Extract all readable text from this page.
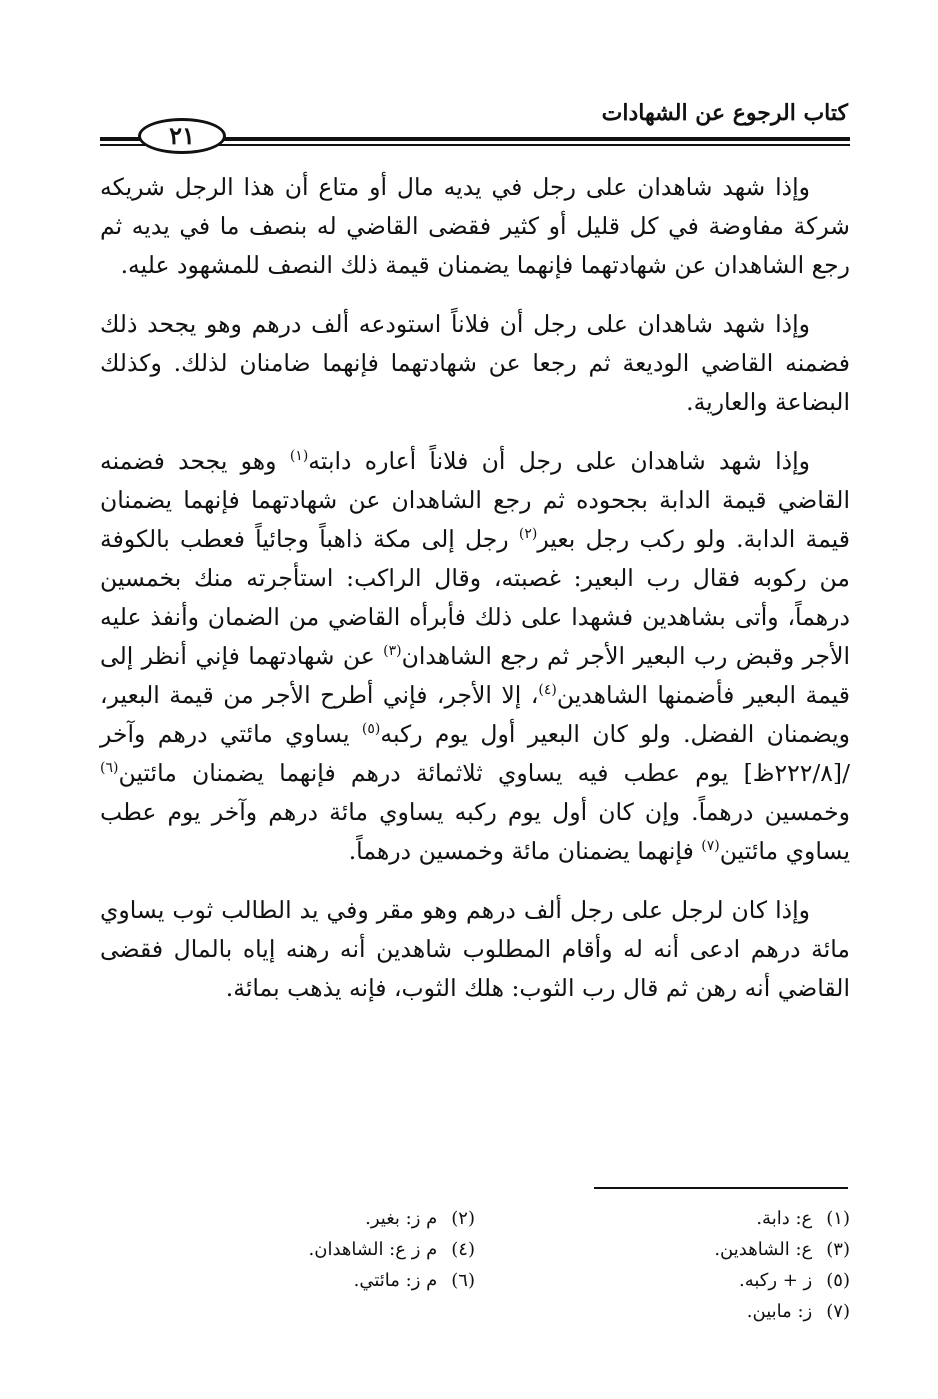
كتاب الرجوع عن الشهادات
٢١

وإذا شهد شاهدان على رجل في يديه مال أو متاع أن هذا الرجل شريكه شركة مفاوضة في كل قليل أو كثير فقضى القاضي له بنصف ما في يديه ثم رجع الشاهدان عن شهادتهما فإنهما يضمنان قيمة ذلك النصف للمشهود عليه.

وإذا شهد شاهدان على رجل أن فلاناً استودعه ألف درهم وهو يجحد ذلك فضمنه القاضي الوديعة ثم رجعا عن شهادتهما فإنهما ضامنان لذلك. وكذلك البضاعة والعارية.

وإذا شهد شاهدان على رجل أن فلاناً أعاره دابته$^{(١)}$ وهو يجحد فضمنه القاضي قيمة الدابة بجحوده ثم رجع الشاهدان عن شهادتهما فإنهما يضمنان قيمة الدابة. ولو ركب رجل بعير$^{(٢)}$ رجل إلى مكة ذاهباً وجائياً فعطب بالكوفة من ركوبه فقال رب البعير: غصبته، وقال الراكب: استأجرته منك بخمسين درهماً، وأتى بشاهدين فشهدا على ذلك فأبرأه القاضي من الضمان وأنفذ عليه الأجر وقبض رب البعير الأجر ثم رجع الشاهدان$^{(٣)}$ عن شهادتهما فإني أنظر إلى قيمة البعير فأضمنها الشاهدين$^{(٤)}$، إلا الأجر، فإني أطرح الأجر من قيمة البعير، ويضمنان الفضل. ولو كان البعير أول يوم ركبه$^{(٥)}$ يساوي مائتي درهم وآخر /[٢٢٢/٨ظ] يوم عطب فيه يساوي ثلاثمائة درهم فإنهما يضمنان مائتين$^{(٦)}$ وخمسين درهماً. وإن كان أول يوم ركبه يساوي مائة درهم وآخر يوم عطب يساوي مائتين$^{(٧)}$ فإنهما يضمنان مائة وخمسين درهماً.

وإذا كان لرجل على رجل ألف درهم وهو مقر وفي يد الطالب ثوب يساوي مائة درهم ادعى أنه له وأقام المطلوب شاهدين أنه رهنه إياه بالمال فقضى القاضي أنه رهن ثم قال رب الثوب: هلك الثوب، فإنه يذهب بمائة.

(١)ع: دابة.
(٢)م ز: بغير.
(٣)ع: الشاهدين.
(٤)م ز ع: الشاهدان.
(٥)ز + ركبه.
(٦)م ز: مائتي.
(٧)ز: مابين.
